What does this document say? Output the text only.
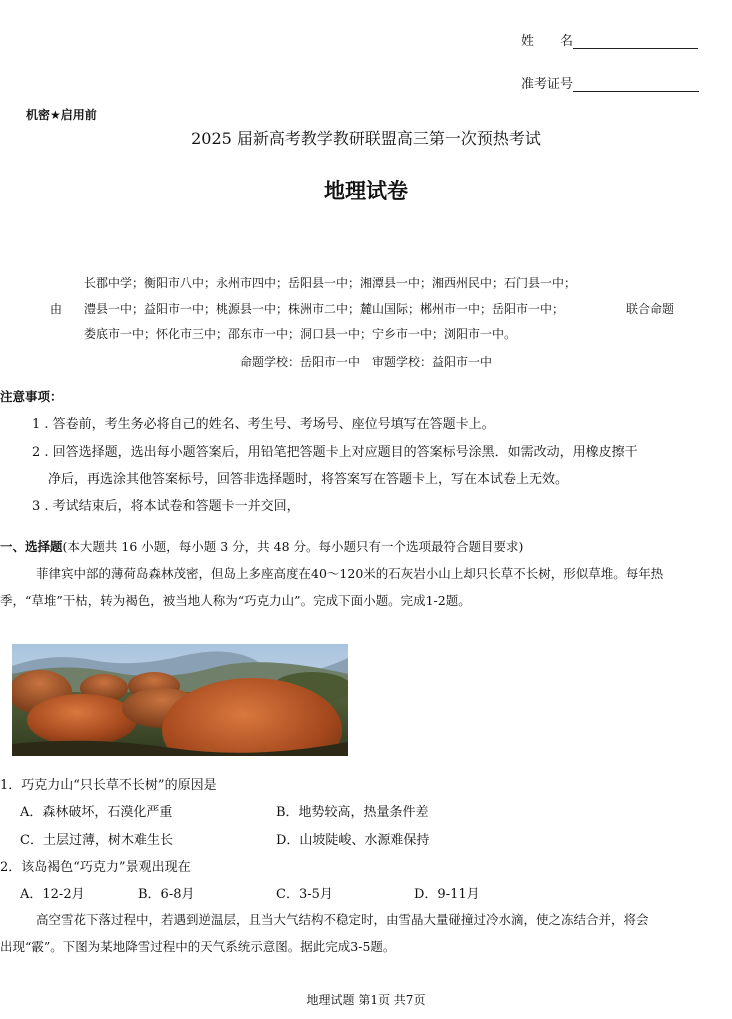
姓　　名
准考证号
机密★启用前
2025 届新高考教学教研联盟高三第一次预热考试
地理试卷
长郡中学；衡阳市八中；永州市四中；岳阳县一中；湘潭县一中；湘西州民中；石门县一中；
由 澧县一中；益阳市一中；桃源县一中；株洲市二中；麓山国际；郴州市一中；岳阳市一中；	联合命题
娄底市一中；怀化市三中；邵东市一中；洞口县一中；宁乡市一中；浏阳市一中。
命题学校：岳阳市一中　审题学校：益阳市一中
注意事项：
1 . 答卷前，考生务必将自己的姓名、考生号、考场号、座位号填写在答题卡上。
2 . 回答选择题，选出每小题答案后，用铅笔把答题卡上对应题目的答案标号涂黑．如需改动，用橡皮擦干
净后，再选涂其他答案标号，回答非选择题时，将答案写在答题卡上，写在本试卷上无效。
3 . 考试结束后，将本试卷和答题卡一并交回，
一、选择题(本大题共 16 小题，每小题 3 分，共 48 分。每小题只有一个选项最符合题目要求)
菲律宾中部的薄荷岛森林茂密，但岛上多座高度在40～120米的石灰岩小山上却只长草不长树，形似草堆。每年热
季，“草堆”干枯，转为褐色，被当地人称为“巧克力山”。完成下面小题。完成1-2题。
1．巧克力山“只长草不长树”的原因是
A．森林破坏，石漠化严重	B．地势较高，热量条件差
C．土层过薄，树木难生长	D．山坡陡峻、水源难保持
2．该岛褐色“巧克力”景观出现在
A．12-2月	B．6-8月	C．3-5月	D．9-11月
高空雪花下落过程中，若遇到逆温层，且当大气结构不稳定时，由雪晶大量碰撞过冷水滴，使之冻结合并，将会
出现“霰”。下图为某地降雪过程中的天气系统示意图。据此完成3-5题。
地理试题 第1页 共7页
